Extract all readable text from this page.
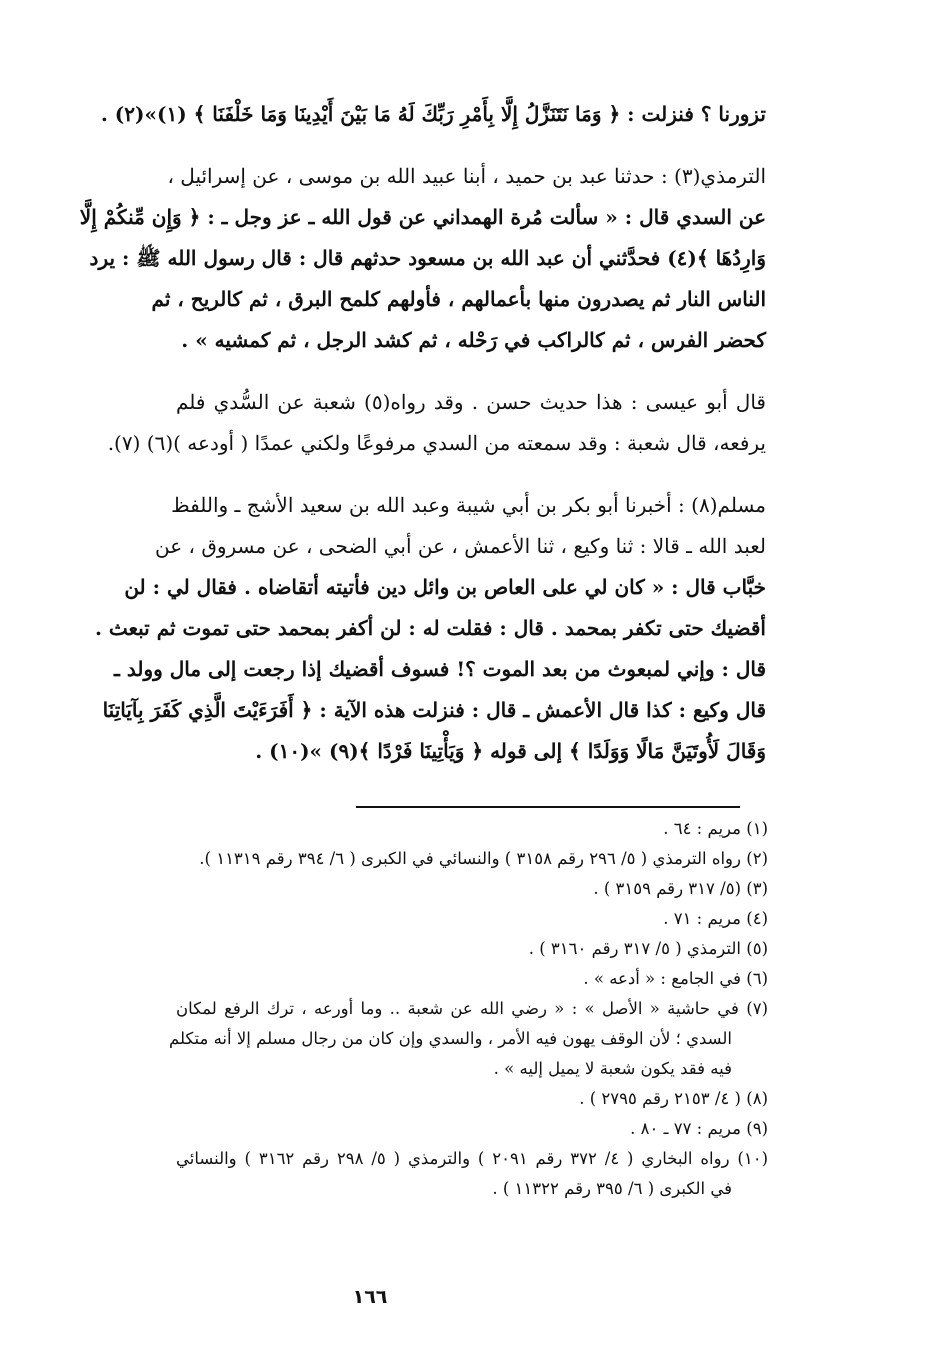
تزورنا ؟ فنزلت : ﴿ وَمَا نَتَنَزَّلُ إِلَّا بِأَمْرِ رَبِّكَ لَهُ مَا بَيْنَ أَيْدِينَا وَمَا خَلْفَنَا ﴾ (١)»(٢) .
الترمذي(٣) : حدثنا عبد بن حميد ، أبنا عبيد الله بن موسى ، عن إسرائيل ،
عن السدي قال : « سألت مُرة الهمداني عن قول الله ـ عز وجل ـ : ﴿ وَإِن مِّنكُمْ إِلَّا
وَارِدُهَا ﴾(٤) فحدَّثني أن عبد الله بن مسعود حدثهم قال : قال رسول الله ﷺ : يرد
الناس النار ثم يصدرون منها بأعمالهم ، فأولهم كلمح البرق ، ثم كالريح ، ثم
كحضر الفرس ، ثم كالراكب في رَحْله ، ثم كشد الرجل ، ثم كمشيه » .
قال أبو عيسى : هذا حديث حسن . وقد رواه(٥) شعبة عن السُّدي فلم
يرفعه، قال شعبة : وقد سمعته من السدي مرفوعًا ولكني عمدًا ( أودعه )(٦) (٧).
مسلم(٨) : أخبرنا أبو بكر بن أبي شيبة وعبد الله بن سعيد الأشج ـ واللفظ
لعبد الله ـ قالا : ثنا وكيع ، ثنا الأعمش ، عن أبي الضحى ، عن مسروق ، عن
خبَّاب قال : « كان لي على العاص بن وائل دين فأتيته أتقاضاه . فقال لي : لن
أقضيك حتى تكفر بمحمد . قال : فقلت له : لن أكفر بمحمد حتى تموت ثم تبعث .
قال : وإني لمبعوث من بعد الموت ؟! فسوف أقضيك إذا رجعت إلى مال وولد ـ
قال وكيع : كذا قال الأعمش ـ قال : فنزلت هذه الآية : ﴿ أَفَرَءَيْتَ الَّذِي كَفَرَ بِآيَاتِنَا
وَقَالَ لَأُوتَيَنَّ مَالًا وَوَلَدًا ﴾ إلى قوله ﴿ وَيَأْتِينَا فَرْدًا ﴾(٩) »(١٠) .
(١) مريم : ٦٤ .
(٢) رواه الترمذي ( ٥/ ٢٩٦ رقم ٣١٥٨ ) والنسائي في الكبرى ( ٦/ ٣٩٤ رقم ١١٣١٩ ).
(٣) (٥/ ٣١٧ رقم ٣١٥٩ ) .
(٤) مريم : ٧١ .
(٥) الترمذي ( ٥/ ٣١٧ رقم ٣١٦٠ ) .
(٦) في الجامع : « أدعه » .
(٧) في حاشية « الأصل » : « رضي الله عن شعبة .. وما أورعه ، ترك الرفع لمكان
السدي ؛ لأن الوقف يهون فيه الأمر ، والسدي وإن كان من رجال مسلم إلا أنه متكلم
فيه فقد يكون شعبة لا يميل إليه » .
(٨) ( ٤/ ٢١٥٣ رقم ٢٧٩٥ ) .
(٩) مريم : ٧٧ ـ ٨٠ .
(١٠) رواه البخاري ( ٤/ ٣٧٢ رقم ٢٠٩١ ) والترمذي ( ٥/ ٢٩٨ رقم ٣١٦٢ ) والنسائي
في الكبرى ( ٦/ ٣٩٥ رقم ١١٣٢٢ ) .
١٦٦
